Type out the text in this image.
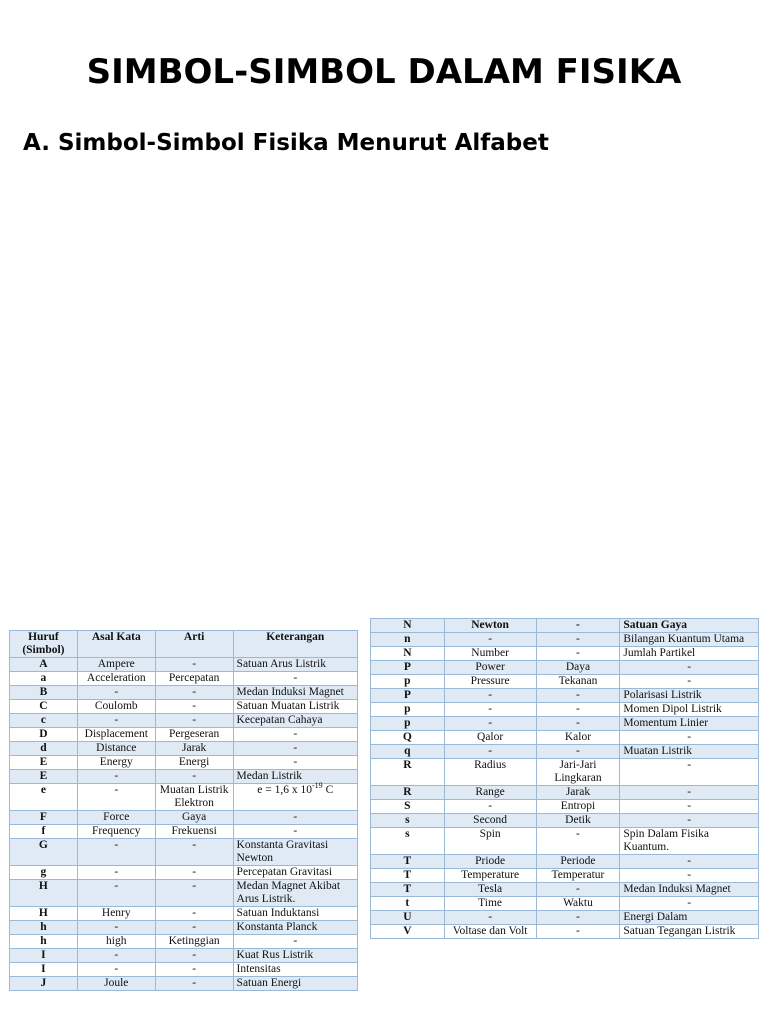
SIMBOL-SIMBOL DALAM FISIKA
A. Simbol-Simbol Fisika Menurut Alfabet
Huruf (Simbol)	Asal Kata	Arti	Keterangan
A	Ampere	-	Satuan Arus Listrik
a	Acceleration	Percepatan	-
B	-	-	Medan Induksi Magnet
C	Coulomb	-	Satuan Muatan Listrik
c	-	-	Kecepatan Cahaya
D	Displacement	Pergeseran	-
d	Distance	Jarak	-
E	Energy	Energi	-
E	-	-	Medan Listrik
e	-	Muatan Listrik Elektron	e = 1,6 x $10^{-19}$ C
F	Force	Gaya	-
f	Frequency	Frekuensi	-
G	-	-	Konstanta Gravitasi Newton
g	-	-	Percepatan Gravitasi
H	-	-	Medan Magnet Akibat Arus Listrik.
H	Henry	-	Satuan Induktansi
h	-	-	Konstanta Planck
h	high	Ketinggian	-
I	-	-	Kuat Rus Listrik
I	-	-	Intensitas
J	Joule	-	Satuan Energi
N	Newton	-	Satuan Gaya
n	-	-	Bilangan Kuantum Utama
N	Number	-	Jumlah Partikel
P	Power	Daya	-
p	Pressure	Tekanan	-
P	-	-	Polarisasi Listrik
p	-	-	Momen Dipol Listrik
p	-	-	Momentum Linier
Q	Qalor	Kalor	-
q	-	-	Muatan Listrik
R	Radius	Jari-Jari Lingkaran	-
R	Range	Jarak	-
S	-	Entropi	-
s	Second	Detik	-
s	Spin	-	Spin Dalam Fisika Kuantum.
T	Priode	Periode	-
T	Temperature	Temperatur	-
T	Tesla	-	Medan Induksi Magnet
t	Time	Waktu	-
U	-	-	Energi Dalam
V	Voltase dan Volt	-	Satuan Tegangan Listrik
